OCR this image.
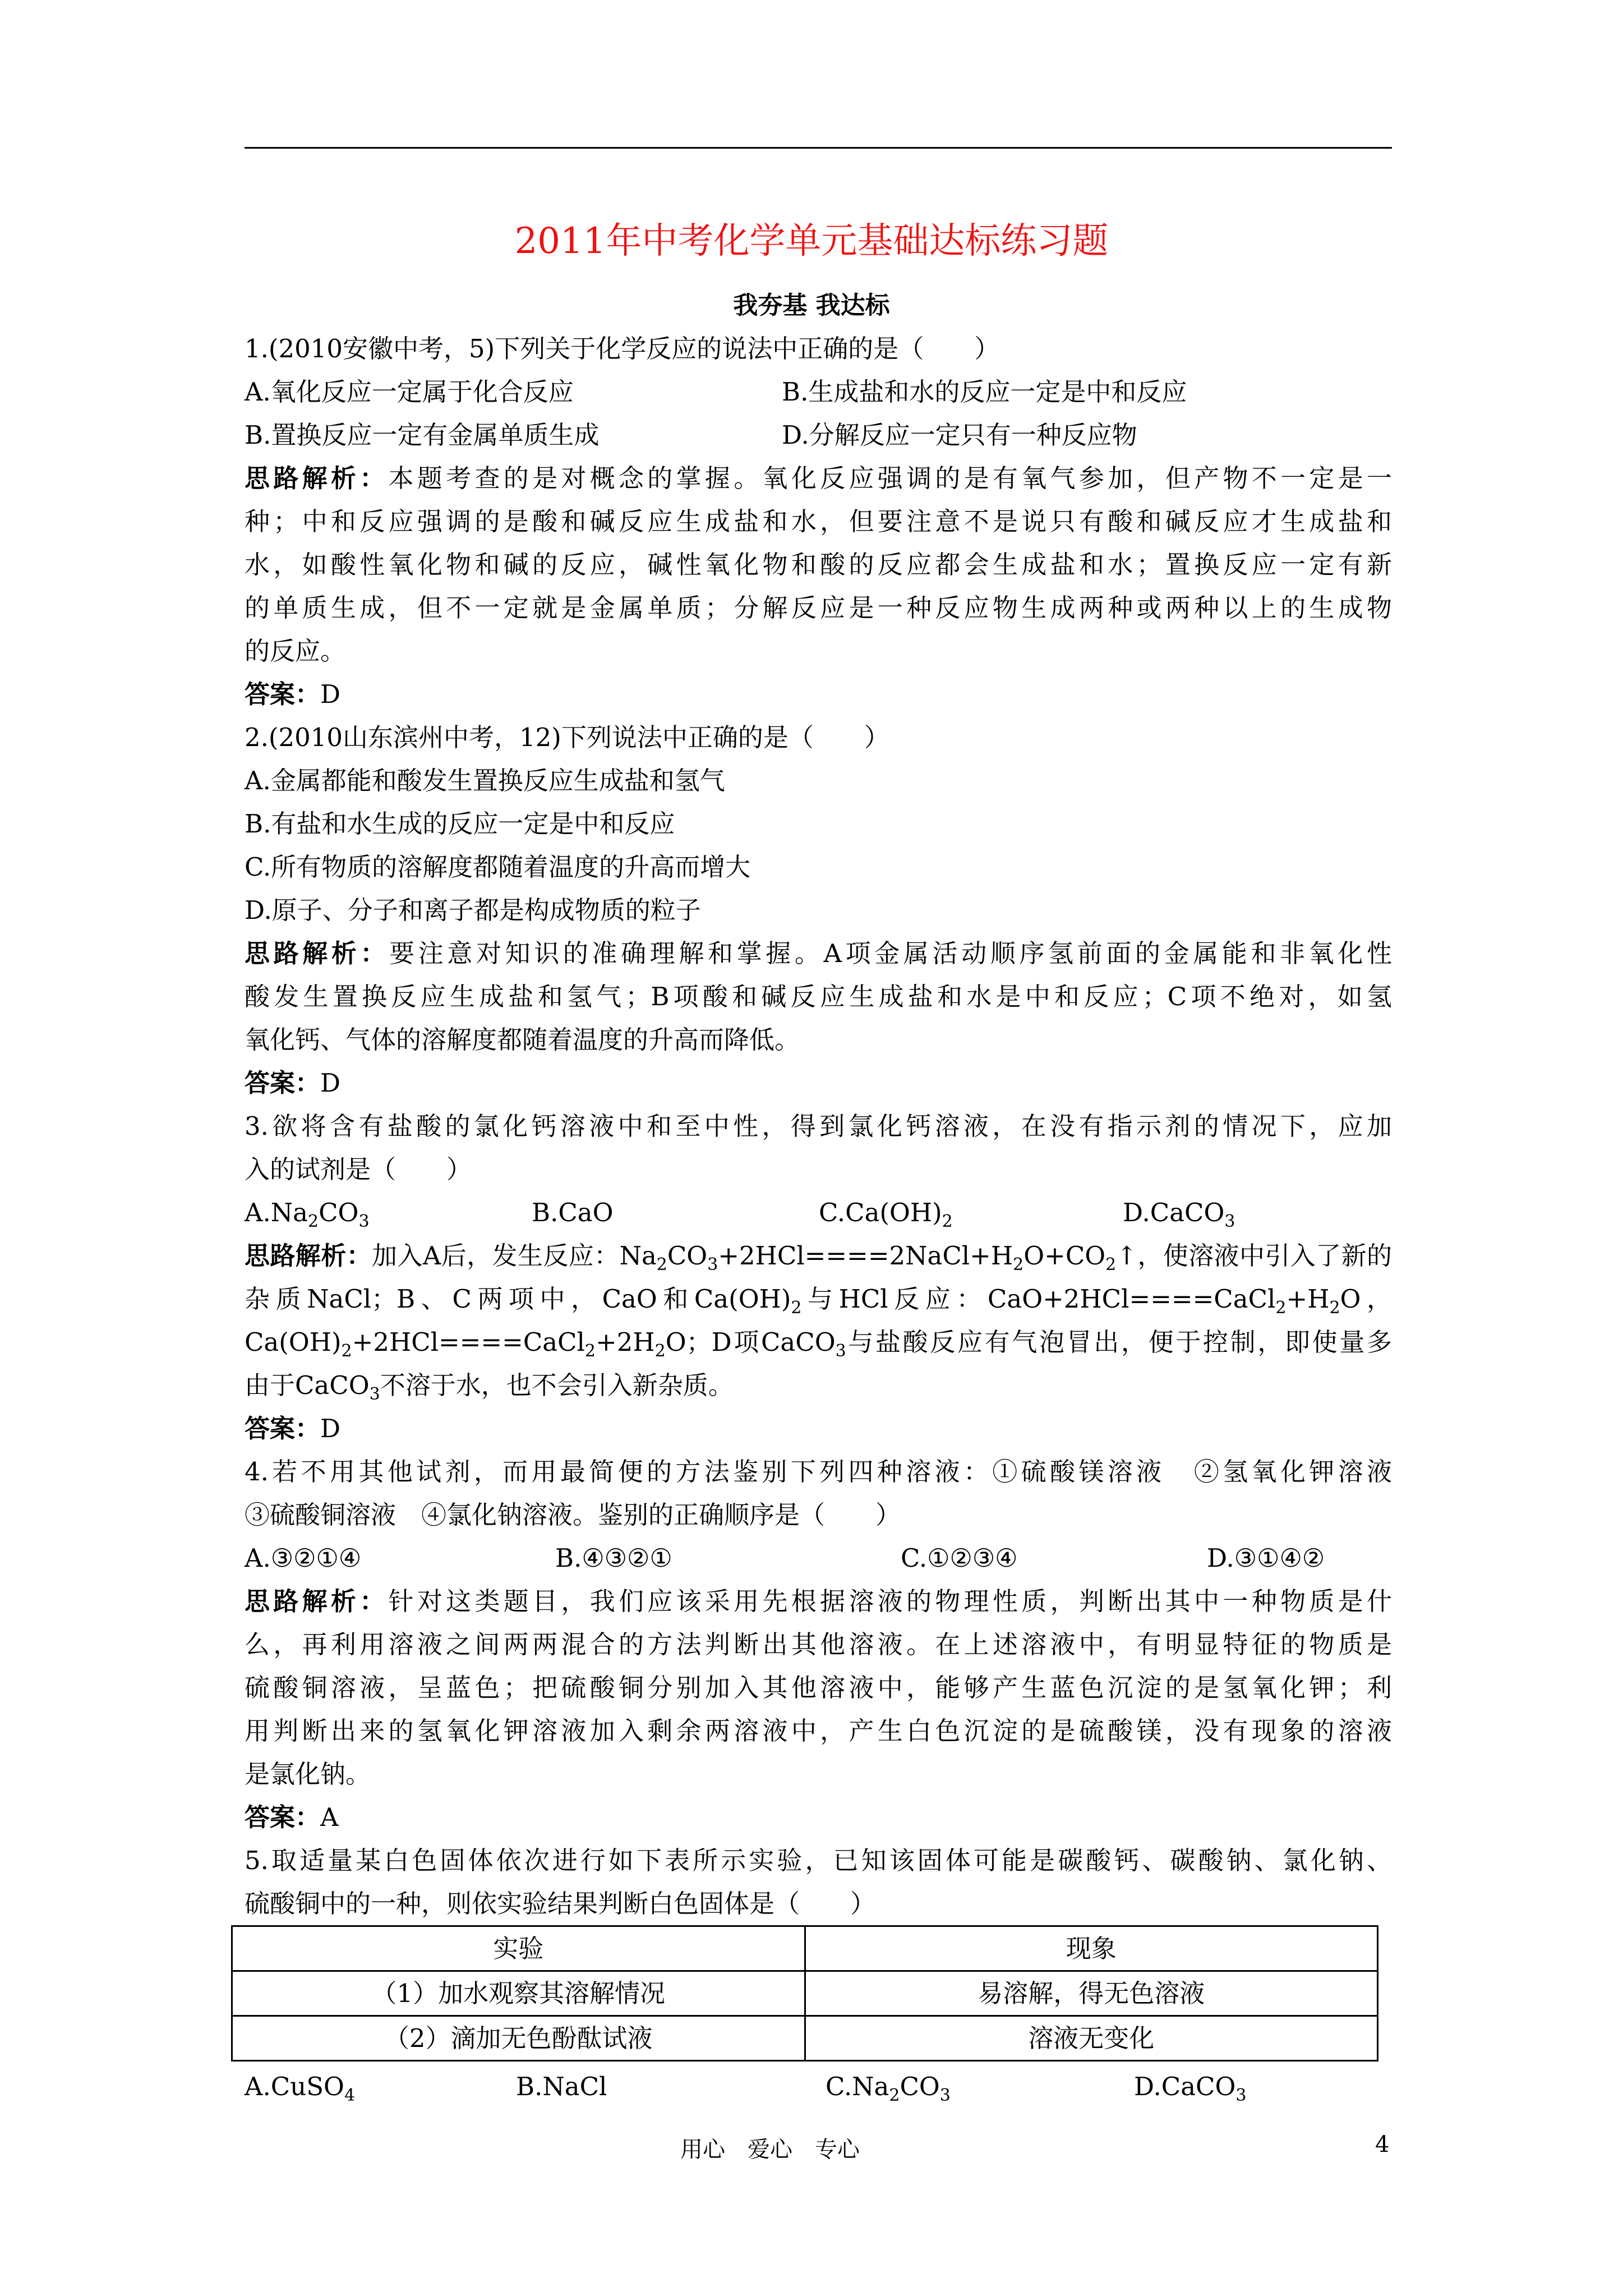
2011年中考化学单元基础达标练习题
我夯基 我达标
1.(2010安徽中考，5)下列关于化学反应的说法中正确的是（　　）
A.氧化反应一定属于化合反应	B.生成盐和水的反应一定是中和反应
B.置换反应一定有金属单质生成	D.分解反应一定只有一种反应物
思路解析：本题考查的是对概念的掌握。氧化反应强调的是有氧气参加，但产物不一定是一
种；中和反应强调的是酸和碱反应生成盐和水，但要注意不是说只有酸和碱反应才生成盐和
水，如酸性氧化物和碱的反应，碱性氧化物和酸的反应都会生成盐和水；置换反应一定有新
的单质生成，但不一定就是金属单质；分解反应是一种反应物生成两种或两种以上的生成物
的反应。
答案：D
2.(2010山东滨州中考，12)下列说法中正确的是（　　）
A.金属都能和酸发生置换反应生成盐和氢气
B.有盐和水生成的反应一定是中和反应
C.所有物质的溶解度都随着温度的升高而增大
D.原子、分子和离子都是构成物质的粒子
思路解析：要注意对知识的准确理解和掌握。A项金属活动顺序氢前面的金属能和非氧化性
酸发生置换反应生成盐和氢气；B项酸和碱反应生成盐和水是中和反应；C项不绝对，如氢
氧化钙、气体的溶解度都随着温度的升高而降低。
答案：D
3.欲将含有盐酸的氯化钙溶液中和至中性，得到氯化钙溶液，在没有指示剂的情况下，应加
入的试剂是（　　）
$A.Na_2CO_3$	B.CaO	$C.Ca(OH)_2$	D.CaCO$_3$
思路解析：加入A后，发生反应：$Na_2CO_3+2HCl====2NaCl+H_2O+CO_2↑$，使溶液中引入了新的
杂质NaCl；B、C两项中，CaO和$Ca(OH)_2$与HCl反应：$CaO+2HCl====CaCl_2+H_2O$，
$Ca(OH)_2+2HCl====CaCl_2+2H_2O$；D项CaCO$_3$与盐酸反应有气泡冒出，便于控制，即使量多
由于CaCO$_3$不溶于水，也不会引入新杂质。
答案：D
4.若不用其他试剂，而用最简便的方法鉴别下列四种溶液：①硫酸镁溶液　②氢氧化钾溶液
③硫酸铜溶液　④氯化钠溶液。鉴别的正确顺序是（　　）
A.③②①④	B.④③②①	C.①②③④	D.③①④②
思路解析：针对这类题目，我们应该采用先根据溶液的物理性质，判断出其中一种物质是什
么，再利用溶液之间两两混合的方法判断出其他溶液。在上述溶液中，有明显特征的物质是
硫酸铜溶液，呈蓝色；把硫酸铜分别加入其他溶液中，能够产生蓝色沉淀的是氢氧化钾；利
用判断出来的氢氧化钾溶液加入剩余两溶液中，产生白色沉淀的是硫酸镁，没有现象的溶液
是氯化钠。
答案：A
5.取适量某白色固体依次进行如下表所示实验，已知该固体可能是碳酸钙、碳酸钠、氯化钠、
硫酸铜中的一种，则依实验结果判断白色固体是（　　）
实验	现象
（1）加水观察其溶解情况	易溶解，得无色溶液
（2）滴加无色酚酞试液	溶液无变化
A.CuSO$_4$	B.NaCl	$C.Na_2CO_3$	D.CaCO$_3$
用心　爱心　专心	4
